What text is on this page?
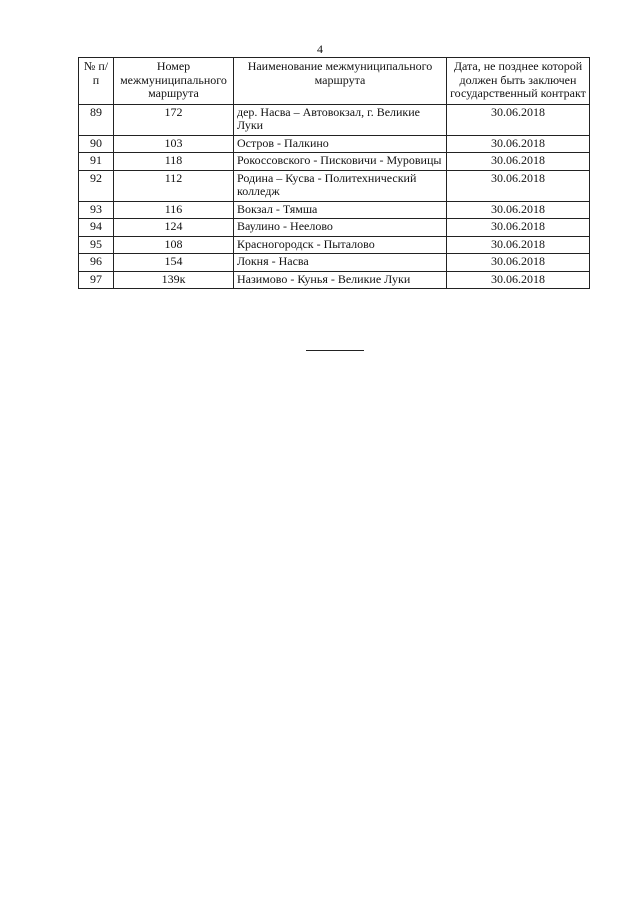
4
№ п/п	Номер межмуниципального маршрута	Наименование межмуниципального маршрута	Дата, не позднее которой должен быть заключен государственный контракт
89	172	дер. Насва – Автовокзал, г. Великие Луки	30.06.2018
90	103	Остров - Палкино	30.06.2018
91	118	Рокоссовского - Писковичи - Муровицы	30.06.2018
92	112	Родина – Кусва - Политехнический колледж	30.06.2018
93	116	Вокзал - Тямша	30.06.2018
94	124	Ваулино - Неелово	30.06.2018
95	108	Красногородск - Пыталово	30.06.2018
96	154	Локня - Насва	30.06.2018
97	139к	Назимово - Кунья - Великие Луки	30.06.2018
